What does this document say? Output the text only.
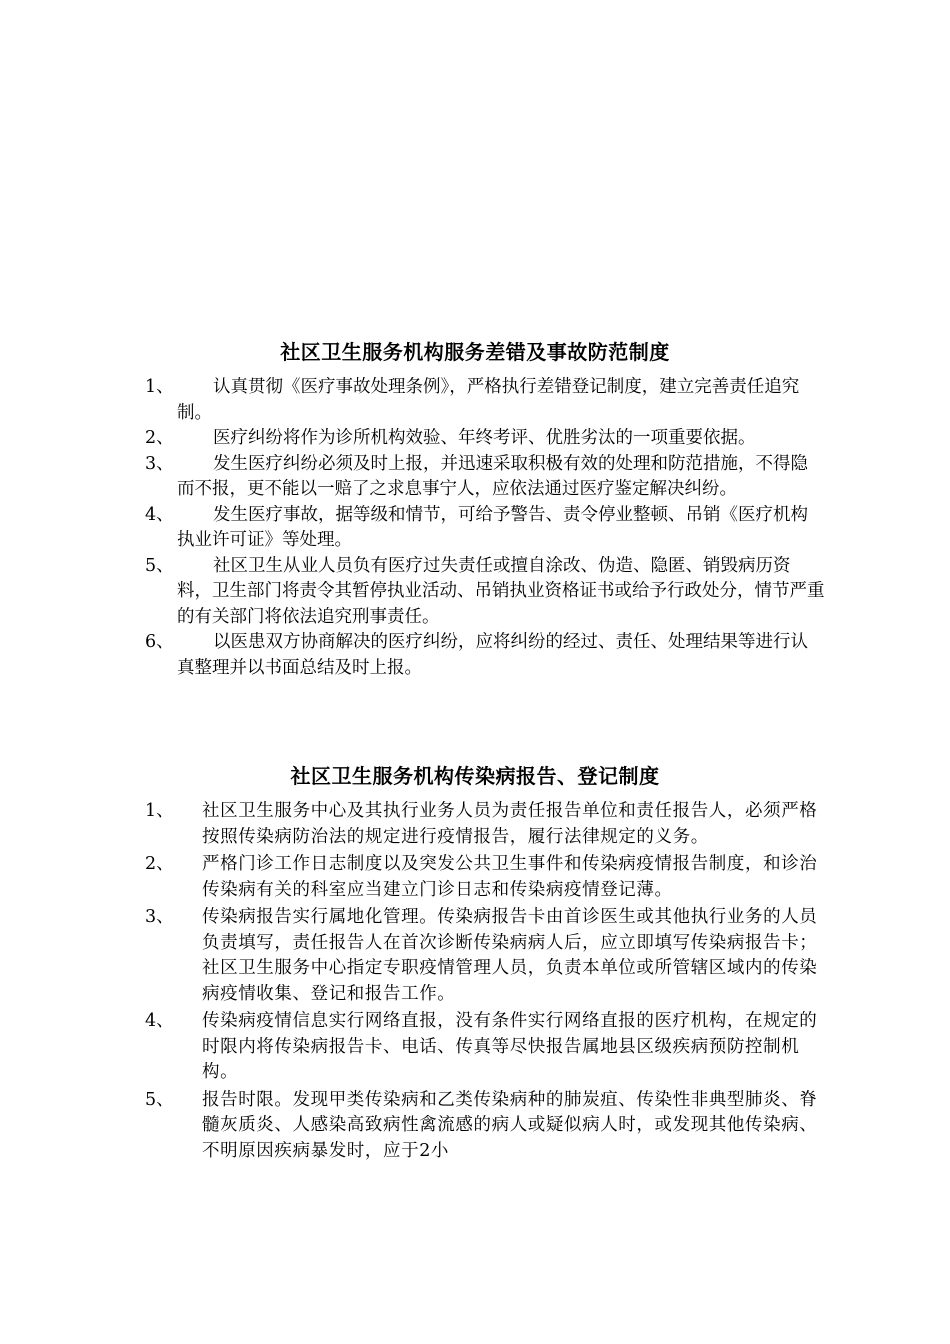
社区卫生服务机构服务差错及事故防范制度
1、	认真贯彻《医疗事故处理条例》，严格执行差错登记制度，建立完善责任追究制。
2、	医疗纠纷将作为诊所机构效验、年终考评、优胜劣汰的一项重要依据。
3、	发生医疗纠纷必须及时上报，并迅速采取积极有效的处理和防范措施，不得隐而不报，更不能以一赔了之求息事宁人，应依法通过医疗鉴定解决纠纷。
4、	发生医疗事故，据等级和情节，可给予警告、责令停业整顿、吊销《医疗机构执业许可证》等处理。
5、	社区卫生从业人员负有医疗过失责任或擅自涂改、伪造、隐匿、销毁病历资料，卫生部门将责令其暂停执业活动、吊销执业资格证书或给予行政处分，情节严重的有关部门将依法追究刑事责任。
6、	以医患双方协商解决的医疗纠纷，应将纠纷的经过、责任、处理结果等进行认真整理并以书面总结及时上报。
社区卫生服务机构传染病报告、登记制度
1、	社区卫生服务中心及其执行业务人员为责任报告单位和责任报告人，必须严格按照传染病防治法的规定进行疫情报告，履行法律规定的义务。
2、	严格门诊工作日志制度以及突发公共卫生事件和传染病疫情报告制度，和诊治传染病有关的科室应当建立门诊日志和传染病疫情登记薄。
3、	传染病报告实行属地化管理。传染病报告卡由首诊医生或其他执行业务的人员负责填写，责任报告人在首次诊断传染病病人后，应立即填写传染病报告卡；社区卫生服务中心指定专职疫情管理人员，负责本单位或所管辖区域内的传染病疫情收集、登记和报告工作。
4、	传染病疫情信息实行网络直报，没有条件实行网络直报的医疗机构，在规定的时限内将传染病报告卡、电话、传真等尽快报告属地县区级疾病预防控制机构。
5、	报告时限。发现甲类传染病和乙类传染病种的肺炭疽、传染性非典型肺炎、脊髓灰质炎、人感染高致病性禽流感的病人或疑似病人时，或发现其他传染病、不明原因疾病暴发时，应于2小
